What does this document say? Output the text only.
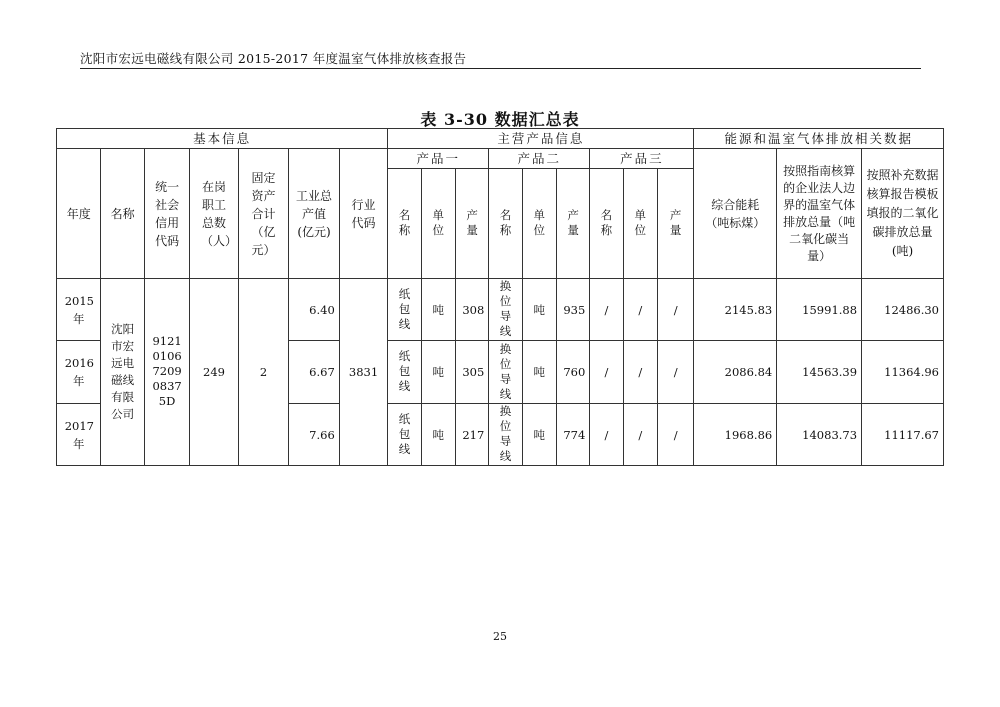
沈阳市宏远电磁线有限公司 2015-2017 年度温室气体排放核查报告
表 3-30 数据汇总表
基本信息							主营产品信息									能源和温室气体排放相关数据		
年度	名称	统一社会信用代码	在岗职工总数（人）	固定资产合计（亿元）	工业总产值(亿元)	行业代码	产品一			产品二			产品三			综合能耗（吨标煤）	按照指南核算的企业法人边界的温室气体排放总量（吨二氧化碳当量）	按照补充数据核算报告模板填报的二氧化碳排放总量(吨)
							名称	单位	产量	名称	单位	产量	名称	单位	产量			
2015年	沈阳市宏远电磁线有限公司	91210106720908375D	249	2	6.40	3831	纸包线	吨	308	换位导线	吨	935	/	/	/	2145.83	15991.88	12486.30
2016年					6.67		纸包线	吨	305	换位导线	吨	760	/	/	/	2086.84	14563.39	11364.96
2017年					7.66		纸包线	吨	217	换位导线	吨	774	/	/	/	1968.86	14083.73	11117.67
25
